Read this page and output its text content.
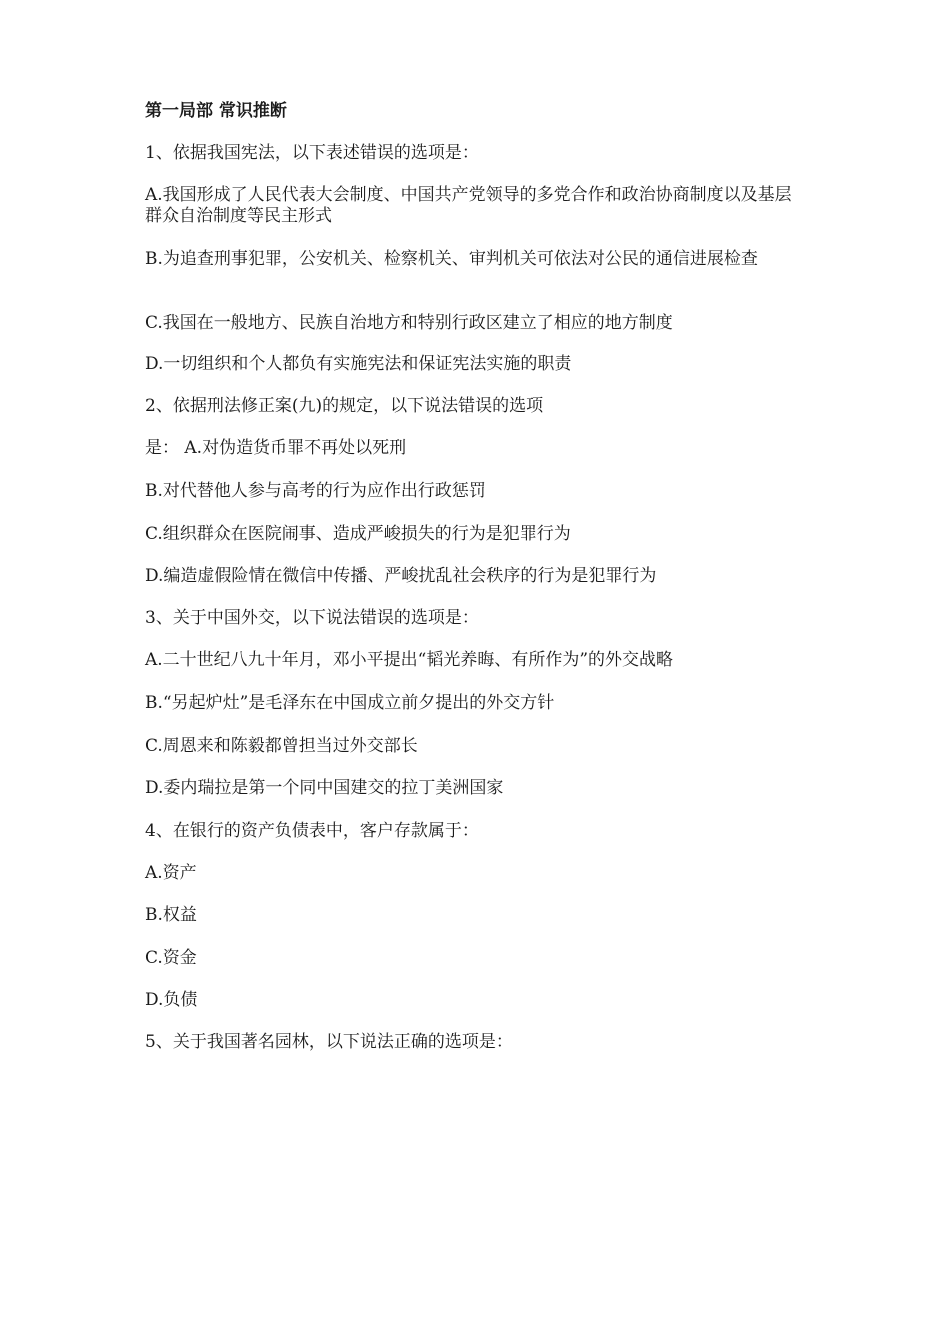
第一局部 常识推断
1、依据我国宪法，以下表述错误的选项是：
A.我国形成了人民代表大会制度、中国共产党领导的多党合作和政治协商制度以及基层群众自治制度等民主形式
B.为追查刑事犯罪，公安机关、检察机关、审判机关可依法对公民的通信进展检查
C.我国在一般地方、民族自治地方和特别行政区建立了相应的地方制度
D.一切组织和个人都负有实施宪法和保证宪法实施的职责
2、依据刑法修正案(九)的规定，以下说法错误的选项
是： A.对伪造货币罪不再处以死刑
B.对代替他人参与高考的行为应作出行政惩罚
C.组织群众在医院闹事、造成严峻损失的行为是犯罪行为
D.编造虚假险情在微信中传播、严峻扰乱社会秩序的行为是犯罪行为
3、关于中国外交，以下说法错误的选项是：
A.二十世纪八九十年月，邓小平提出“韬光养晦、有所作为”的外交战略
B.“另起炉灶”是毛泽东在中国成立前夕提出的外交方针
C.周恩来和陈毅都曾担当过外交部长
D.委内瑞拉是第一个同中国建交的拉丁美洲国家
4、在银行的资产负债表中，客户存款属于：
A.资产
B.权益
C.资金
D.负债
5、关于我国著名园林，以下说法正确的选项是：
